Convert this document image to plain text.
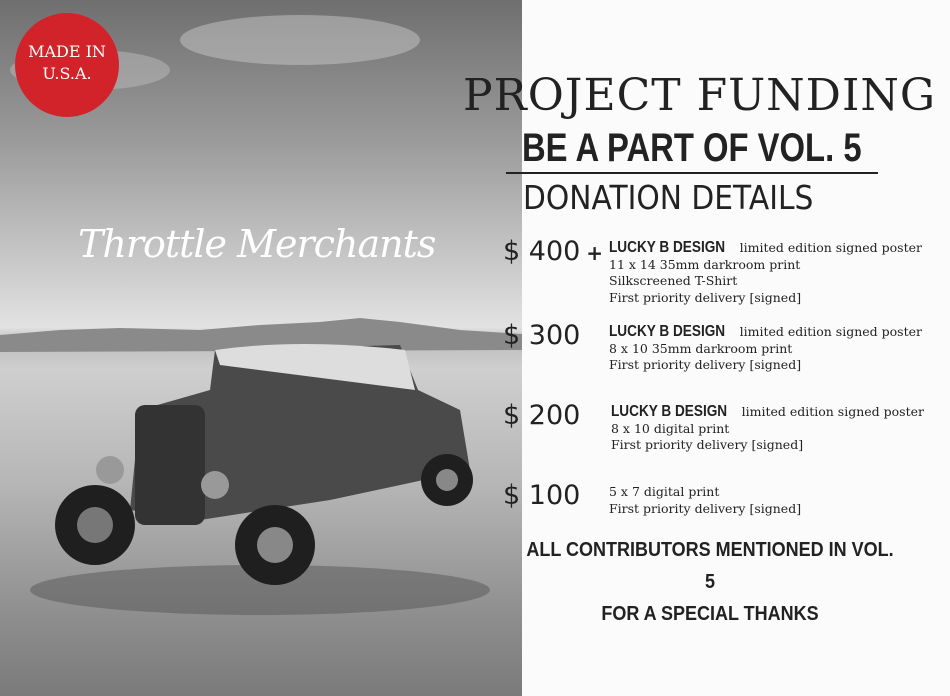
MADE IN
U.S.A.
Throttle Merchants
PROJECT FUNDING
BE A PART OF VOL. 5
DONATION DETAILS
$ 400 + LUCKY B DESIGN limited edition signed poster
11 x 14 35mm darkroom print
Silkscreened T-Shirt
First priority delivery [signed]
$ 300 LUCKY B DESIGN limited edition signed poster
8 x 10 35mm darkroom print
First priority delivery [signed]
$ 200 LUCKY B DESIGN limited edition signed poster
8 x 10 digital print
First priority delivery [signed]
$ 100 5 x 7 digital print
First priority delivery [signed]
ALL CONTRIBUTORS MENTIONED IN VOL. 5
FOR A SPECIAL THANKS
